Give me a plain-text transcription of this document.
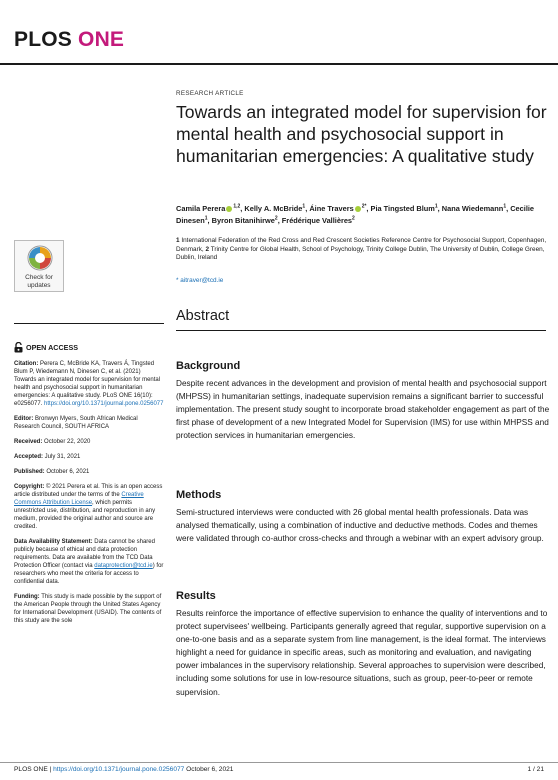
PLOS ONE
Check for
updates
OPEN ACCESS
Citation: Perera C, McBride KA, Travers Á, Tingsted Blum P, Wiedemann N, Dinesen C, et al. (2021) Towards an integrated model for supervision for mental health and psychosocial support in humanitarian emergencies: A qualitative study. PLoS ONE 16(10): e0256077. https://doi.org/10.1371/journal.pone.0256077
Editor: Bronwyn Myers, South African Medical Research Council, SOUTH AFRICA
Received: October 22, 2020
Accepted: July 31, 2021
Published: October 6, 2021
Copyright: © 2021 Perera et al. This is an open access article distributed under the terms of the Creative Commons Attribution License, which permits unrestricted use, distribution, and reproduction in any medium, provided the original author and source are credited.
Data Availability Statement: Data cannot be shared publicly because of ethical and data protection requirements. Data are available from the TCD Data Protection Officer (contact via dataprotection@tcd.ie) for researchers who meet the criteria for access to confidential data.
Funding: This study is made possible by the support of the American People through the United States Agency for International Development (USAID). The contents of this study are the sole
RESEARCH ARTICLE
Towards an integrated model for supervision for mental health and psychosocial support in humanitarian emergencies: A qualitative study
Camila Perera $^{1,2}$, Kelly A. McBride$^1$, Áine Travers $^{2*}$, Pia Tingsted Blum$^1$, Nana Wiedemann$^1$, Cecilie Dinesen$^1$, Byron Bitanihirwe$^2$, Frédérique Vallières$^2$
1 International Federation of the Red Cross and Red Crescent Societies Reference Centre for Psychosocial Support, Copenhagen, Denmark, 2 Trinity Centre for Global Health, School of Psychology, Trinity College Dublin, The University of Dublin, College Green, Dublin, Ireland
* aitraver@tcd.ie
Abstract
Background

Despite recent advances in the development and provision of mental health and psychosocial support (MHPSS) in humanitarian settings, inadequate supervision remains a significant barrier to successful implementation. The present study sought to incorporate broad stakeholder engagement as part of the first phase of development of a new Integrated Model for Supervision (IMS) for use within MHPSS and protection services in humanitarian emergencies.

Methods

Semi-structured interviews were conducted with 26 global mental health professionals. Data was analysed thematically, using a combination of inductive and deductive methods. Codes and themes were validated through co-author cross-checks and through a webinar with an expert advisory group.

Results

Results reinforce the importance of effective supervision to enhance the quality of interventions and to protect supervisees' wellbeing. Participants generally agreed that regular, supportive supervision on a one-to-one basis and as a separate system from line management, is the ideal format. The interviews highlight a need for guidance in specific areas, such as monitoring and evaluation, and navigating power imbalances in the supervisory relationship. Several approaches to supervision were described, including some solutions for use in low-resource situations, such as group, peer-to-peer or remote supervision.

PLOS ONE | https://doi.org/10.1371/journal.pone.0256077 October 6, 2021	1 / 21
